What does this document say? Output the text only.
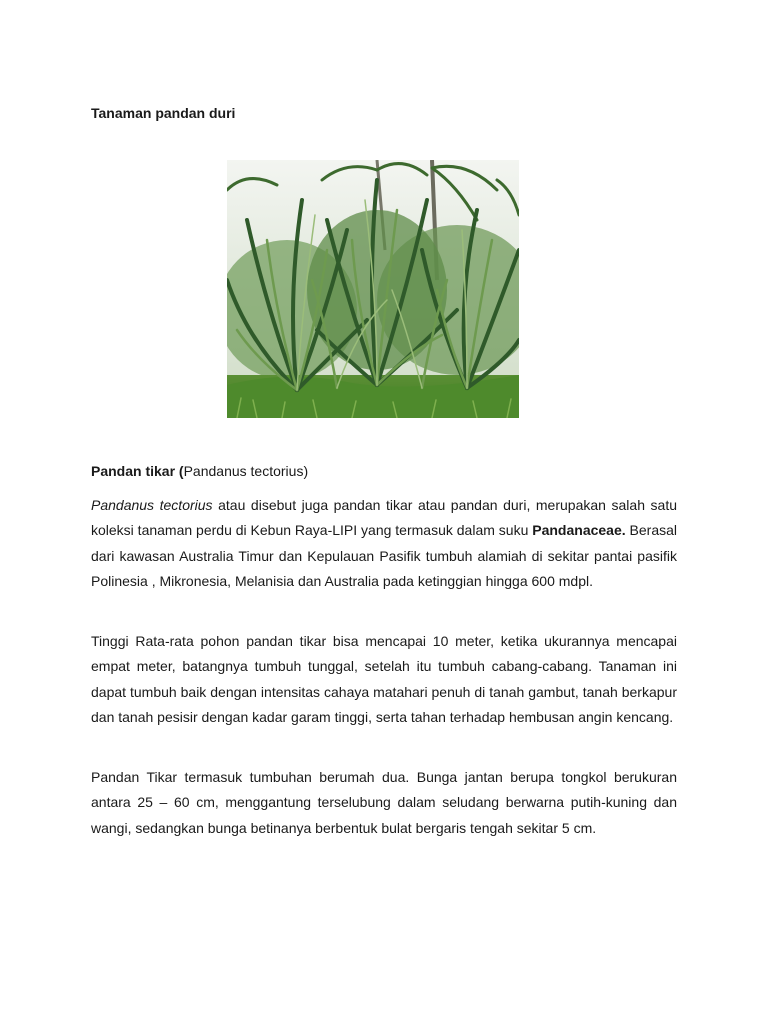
Tanaman pandan duri

Pandan tikar (Pandanus tectorius)

Pandanus tectorius atau disebut juga pandan tikar atau pandan duri, merupakan salah satu koleksi tanaman perdu di Kebun Raya-LIPI yang termasuk dalam suku Pandanaceae. Berasal dari kawasan Australia Timur dan Kepulauan Pasifik tumbuh alamiah di sekitar pantai pasifik Polinesia , Mikronesia, Melanisia dan Australia pada ketinggian hingga 600 mdpl.

Tinggi Rata-rata pohon pandan tikar bisa mencapai 10 meter, ketika ukurannya mencapai empat meter, batangnya tumbuh tunggal, setelah itu tumbuh cabang-cabang. Tanaman ini dapat tumbuh baik dengan intensitas cahaya matahari penuh di tanah gambut, tanah berkapur dan tanah pesisir dengan kadar garam tinggi, serta tahan terhadap hembusan angin kencang.

Pandan Tikar termasuk tumbuhan berumah dua. Bunga jantan berupa tongkol berukuran antara 25 – 60 cm, menggantung terselubung dalam seludang berwarna putih-kuning dan wangi, sedangkan bunga betinanya berbentuk bulat bergaris tengah sekitar 5 cm.
